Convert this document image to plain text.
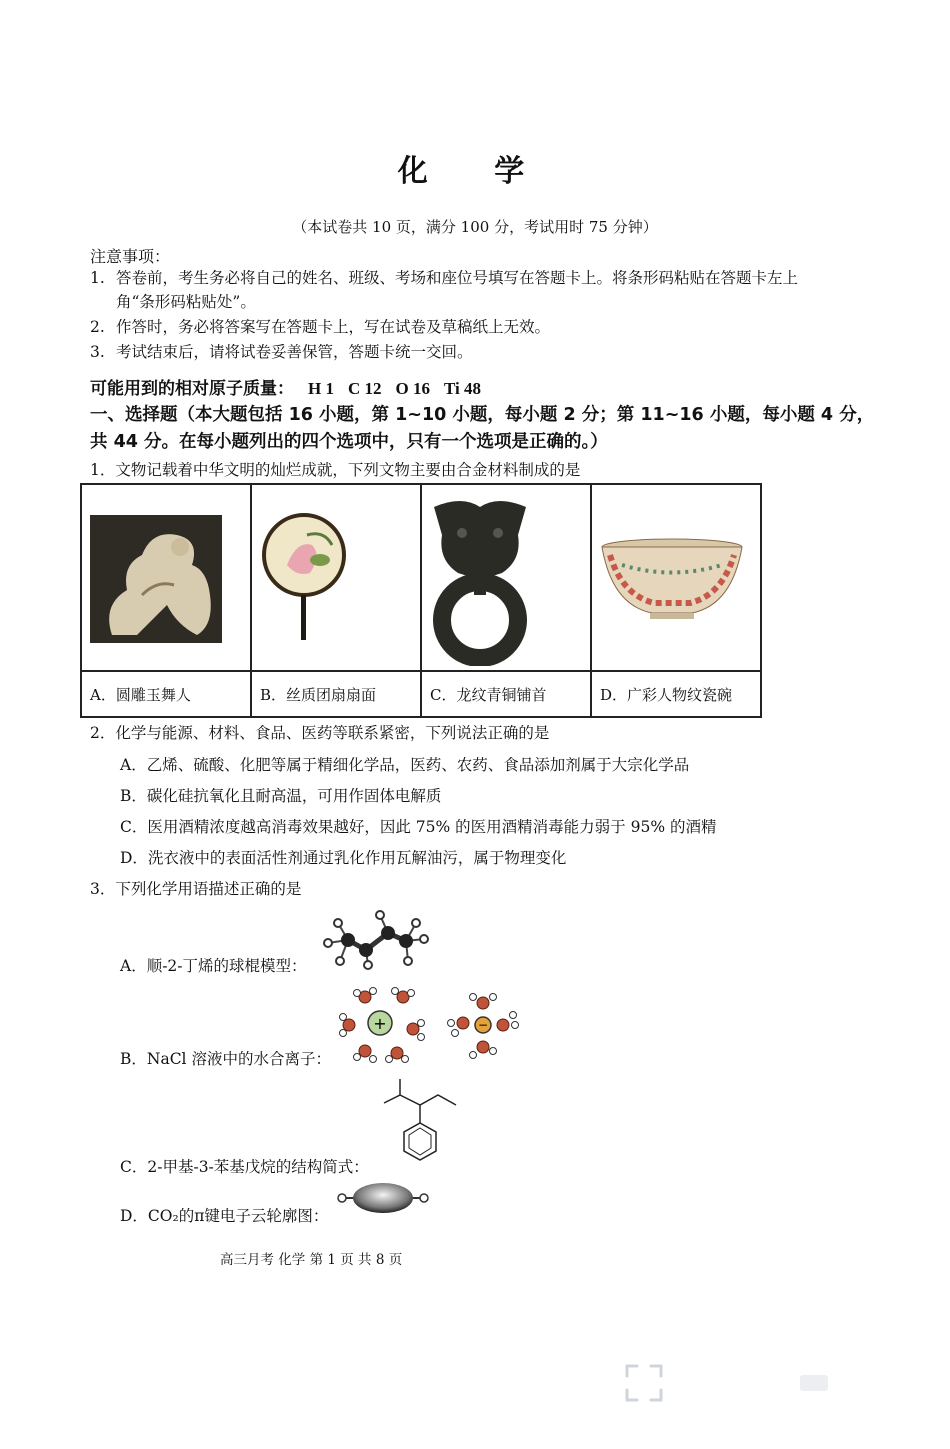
化 学
（本试卷共 10 页，满分 100 分，考试用时 75 分钟）
注意事项：
1. 答卷前，考生务必将自己的姓名、班级、考场和座位号填写在答题卡上。将条形码粘贴在答题卡左上
角“条形码粘贴处”。
2. 作答时，务必将答案写在答题卡上，写在试卷及草稿纸上无效。
3. 考试结束后，请将试卷妥善保管，答题卡统一交回。
可能用到的相对原子质量： H 1 C 12 O 16 Ti 48
一、选择题（本大题包括 16 小题，第 1~10 小题，每小题 2 分；第 11~16 小题，每小题 4 分，
共 44 分。在每小题列出的四个选项中，只有一个选项是正确的。）
1．文物记载着中华文明的灿烂成就，下列文物主要由合金材料制成的是

A．圆雕玉舞人	B．丝质团扇扇面	C．龙纹青铜铺首	D．广彩人物纹瓷碗
2．化学与能源、材料、食品、医药等联系紧密，下列说法正确的是
A．乙烯、硫酸、化肥等属于精细化学品，医药、农药、食品添加剂属于大宗化学品
B．碳化硅抗氧化且耐高温，可用作固体电解质
C．医用酒精浓度越高消毒效果越好，因此 75% 的医用酒精消毒能力弱于 95% 的酒精
D．洗衣液中的表面活性剂通过乳化作用瓦解油污，属于物理变化
3．下列化学用语描述正确的是
A．顺-2-丁烯的球棍模型：
B．NaCl 溶液中的水合离子：
+	−
C．2-甲基-3-苯基戊烷的结构简式：
D．CO₂的π键电子云轮廓图：
高三月考 化学 第 1 页 共 8 页
